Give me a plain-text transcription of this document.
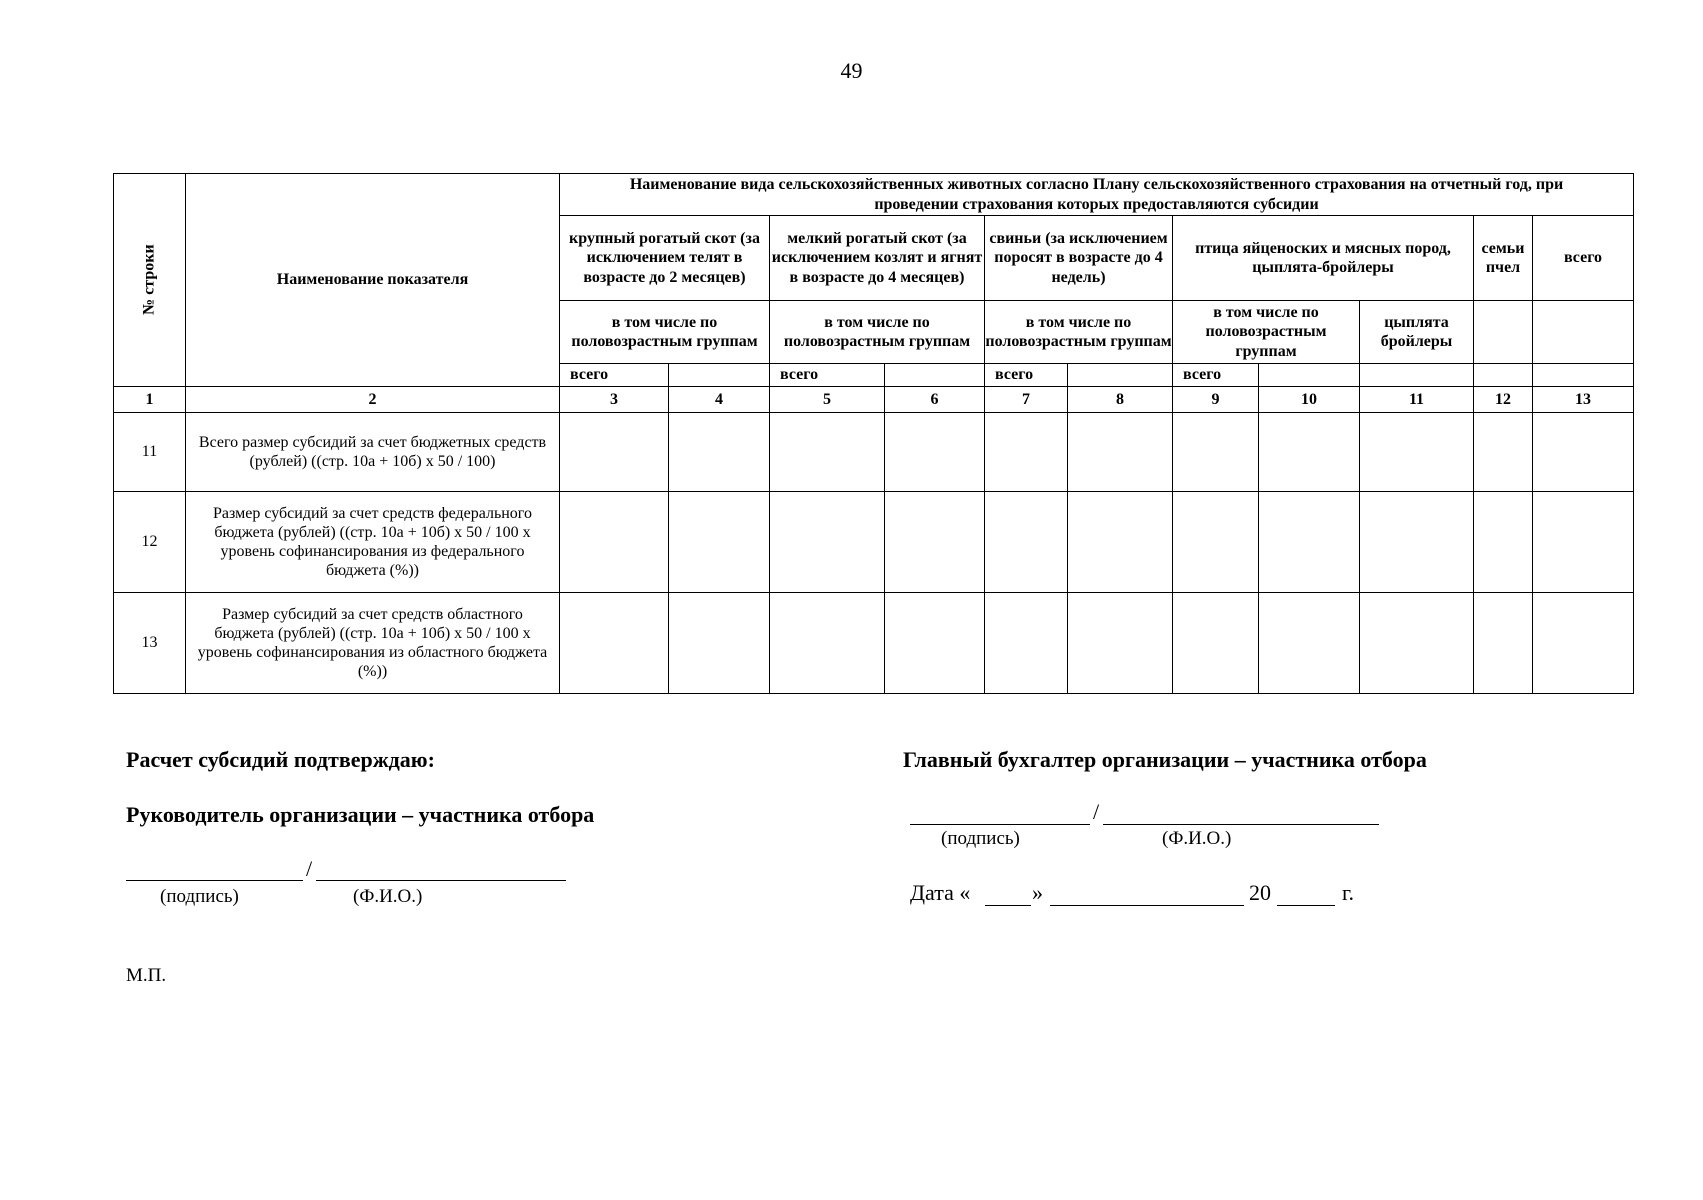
49
№ строки	Наименование показателя	Наименование вида сельскохозяйственных животных согласно Плану сельскохозяйственного страхования на отчетный год, при проведении страхования которых предоставляются субсидии										
		крупный рогатый скот (за исключением телят в возрасте до 2 месяцев)		мелкий рогатый скот (за исключением козлят и ягнят в возрасте до 4 месяцев)		свиньи (за исключением поросят в возрасте до 4 недель)		птица яйценоских и мясных пород, цыплята-бройлеры			семьи пчел	всего
		в том числе по половозрастным группам		в том числе по половозрастным группам		в том числе по половозрастным группам		в том числе по половозрастным группам		цыплята бройлеры		
		всего		всего		всего		всего				
1	2	3	4	5	6	7	8	9	10	11	12	13
11	Всего размер субсидий за счет бюджетных средств (рублей) ((стр. 10а + 10б) х 50 / 100)											
12	Размер субсидий за счет средств федерального бюджета (рублей) ((стр. 10а + 10б) х 50 / 100 х уровень софинансирования из федерального бюджета (%))											
13	Размер субсидий за счет средств областного бюджета (рублей) ((стр. 10а + 10б) х 50 / 100 х уровень софинансирования из областного бюджета (%))											
Расчет субсидий подтверждаю:
Руководитель организации – участника отбора
/
(подпись)	(Ф.И.О.)
М.П.
Главный бухгалтер организации – участника отбора
/
(подпись)	(Ф.И.О.)
Дата «	»	20	г.
